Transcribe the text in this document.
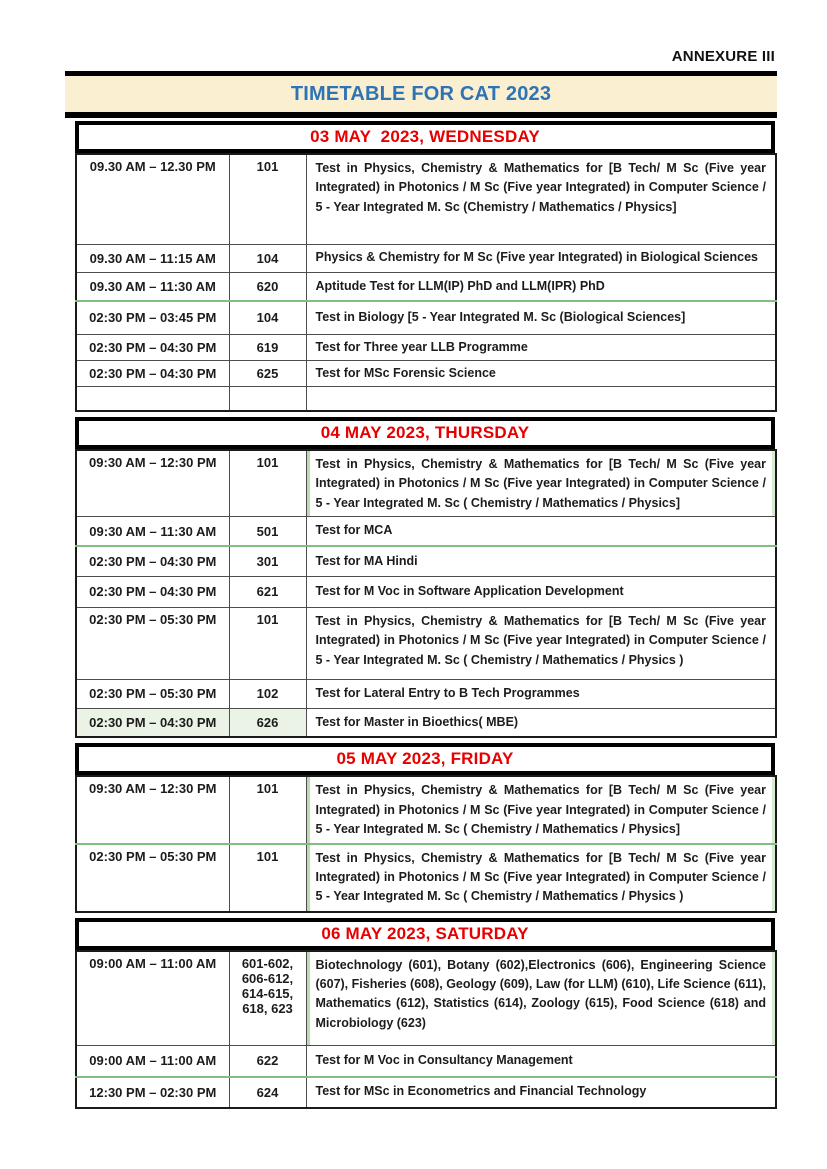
ANNEXURE III
TIMETABLE FOR CAT 2023
03 MAY  2023, WEDNESDAY
09.30 AM – 12.30 PM	101	Test in Physics, Chemistry & Mathematics for [B Tech/ M Sc (Five year Integrated) in Photonics / M Sc (Five year Integrated) in Computer Science / 5 - Year Integrated M. Sc (Chemistry / Mathematics / Physics]
09.30 AM – 11:15 AM	104	Physics & Chemistry for M Sc (Five year Integrated) in Biological Sciences
09.30 AM – 11:30 AM	620	Aptitude Test for LLM(IP) PhD and LLM(IPR) PhD
02:30 PM – 03:45 PM	104	Test in Biology [5 - Year Integrated M. Sc (Biological Sciences]
02:30 PM – 04:30 PM	619	Test for Three year LLB Programme
02:30 PM – 04:30 PM	625	Test for MSc Forensic Science

04 MAY 2023, THURSDAY
09:30 AM – 12:30 PM	101	Test in Physics, Chemistry & Mathematics for [B Tech/ M Sc (Five year Integrated) in Photonics / M Sc (Five year Integrated) in Computer Science / 5 - Year Integrated M. Sc ( Chemistry / Mathematics / Physics]
09:30 AM – 11:30 AM	501	Test for MCA
02:30 PM – 04:30 PM	301	Test for MA Hindi
02:30 PM – 04:30 PM	621	Test for M Voc in Software Application Development
02:30 PM – 05:30 PM	101	Test in Physics, Chemistry & Mathematics for [B Tech/ M Sc (Five year Integrated) in Photonics / M Sc (Five year Integrated) in Computer Science / 5 - Year Integrated M. Sc ( Chemistry / Mathematics / Physics )
02:30 PM – 05:30 PM	102	Test for Lateral Entry to B Tech Programmes
02:30 PM – 04:30 PM	626	Test for Master in Bioethics( MBE)
05 MAY 2023, FRIDAY
09:30 AM – 12:30 PM	101	Test in Physics, Chemistry & Mathematics for [B Tech/ M Sc (Five year Integrated) in Photonics / M Sc (Five year Integrated) in Computer Science / 5 - Year Integrated M. Sc ( Chemistry / Mathematics / Physics]
02:30 PM – 05:30 PM	101	Test in Physics, Chemistry & Mathematics for [B Tech/ M Sc (Five year Integrated) in Photonics / M Sc (Five year Integrated) in Computer Science / 5 - Year Integrated M. Sc ( Chemistry / Mathematics / Physics )
06 MAY 2023, SATURDAY
09:00 AM – 11:00 AM	601-602, 606-612, 614-615, 618, 623	Biotechnology (601), Botany (602),Electronics (606), Engineering Science (607), Fisheries (608), Geology (609), Law (for LLM) (610), Life Science (611), Mathematics (612), Statistics (614), Zoology (615), Food Science (618) and Microbiology (623)
09:00 AM – 11:00 AM	622	Test for M Voc in Consultancy Management
12:30 PM – 02:30 PM	624	Test for MSc in Econometrics and Financial Technology
